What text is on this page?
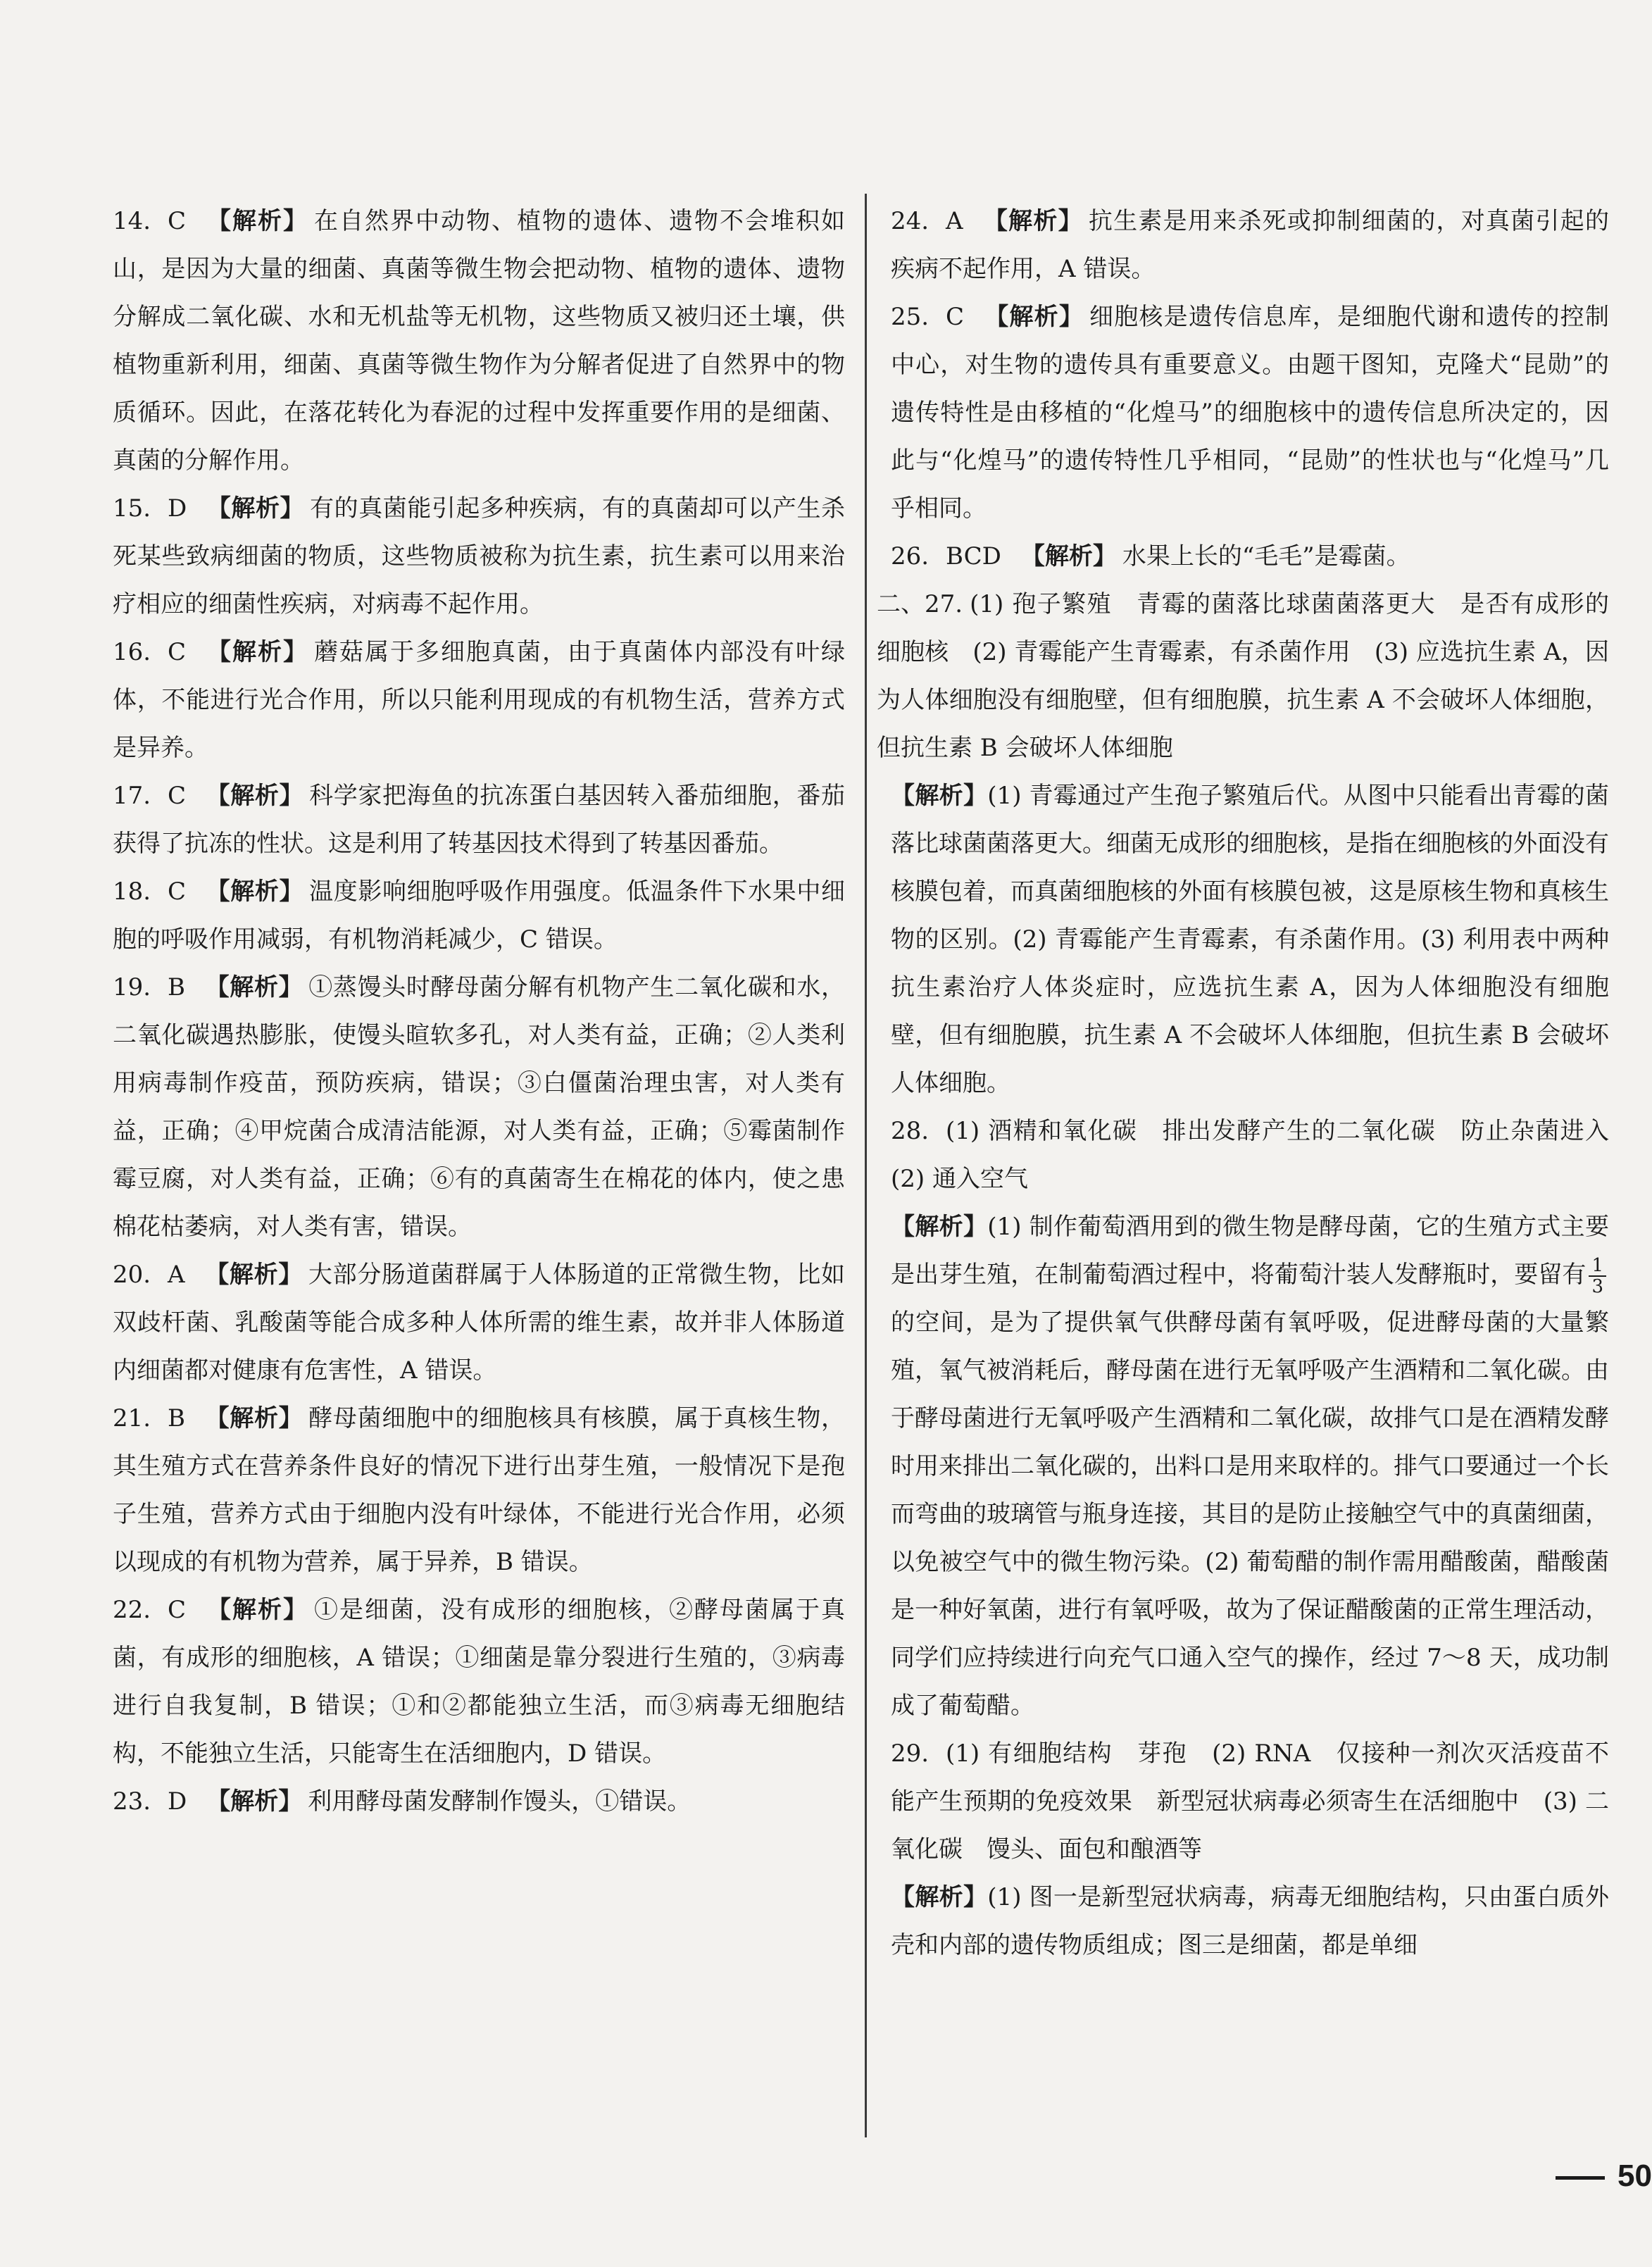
14. C 【解析】 在自然界中动物、植物的遗体、遗物不会堆积如山，是因为大量的细菌、真菌等微生物会把动物、植物的遗体、遗物分解成二氧化碳、水和无机盐等无机物，这些物质又被归还土壤，供植物重新利用，细菌、真菌等微生物作为分解者促进了自然界中的物质循环。因此，在落花转化为春泥的过程中发挥重要作用的是细菌、真菌的分解作用。

15. D 【解析】 有的真菌能引起多种疾病，有的真菌却可以产生杀死某些致病细菌的物质，这些物质被称为抗生素，抗生素可以用来治疗相应的细菌性疾病，对病毒不起作用。

16. C 【解析】 蘑菇属于多细胞真菌，由于真菌体内部没有叶绿体，不能进行光合作用，所以只能利用现成的有机物生活，营养方式是异养。

17. C 【解析】 科学家把海鱼的抗冻蛋白基因转入番茄细胞，番茄获得了抗冻的性状。这是利用了转基因技术得到了转基因番茄。

18. C 【解析】 温度影响细胞呼吸作用强度。低温条件下水果中细胞的呼吸作用减弱，有机物消耗减少，C 错误。

19. B 【解析】 ①蒸馒头时酵母菌分解有机物产生二氧化碳和水，二氧化碳遇热膨胀，使馒头暄软多孔，对人类有益，正确；②人类利用病毒制作疫苗，预防疾病，错误；③白僵菌治理虫害，对人类有益，正确；④甲烷菌合成清洁能源，对人类有益，正确；⑤霉菌制作霉豆腐，对人类有益，正确；⑥有的真菌寄生在棉花的体内，使之患棉花枯萎病，对人类有害，错误。

20. A 【解析】 大部分肠道菌群属于人体肠道的正常微生物，比如双歧杆菌、乳酸菌等能合成多种人体所需的维生素，故并非人体肠道内细菌都对健康有危害性，A 错误。

21. B 【解析】 酵母菌细胞中的细胞核具有核膜，属于真核生物，其生殖方式在营养条件良好的情况下进行出芽生殖，一般情况下是孢子生殖，营养方式由于细胞内没有叶绿体，不能进行光合作用，必须以现成的有机物为营养，属于异养，B 错误。

22. C 【解析】 ①是细菌，没有成形的细胞核，②酵母菌属于真菌，有成形的细胞核，A 错误；①细菌是靠分裂进行生殖的，③病毒进行自我复制，B 错误；①和②都能独立生活，而③病毒无细胞结构，不能独立生活，只能寄生在活细胞内，D 错误。

23. D 【解析】 利用酵母菌发酵制作馒头，①错误。

24. A 【解析】 抗生素是用来杀死或抑制细菌的，对真菌引起的疾病不起作用，A 错误。

25. C 【解析】 细胞核是遗传信息库，是细胞代谢和遗传的控制中心，对生物的遗传具有重要意义。由题干图知，克隆犬“昆勋”的遗传特性是由移植的“化煌马”的细胞核中的遗传信息所决定的，因此与“化煌马”的遗传特性几乎相同，“昆勋”的性状也与“化煌马”几乎相同。

26. BCD 【解析】 水果上长的“毛毛”是霉菌。

二、27. (1) 孢子繁殖　青霉的菌落比球菌菌落更大　是否有成形的细胞核　(2) 青霉能产生青霉素，有杀菌作用　(3) 应选抗生素 A，因为人体细胞没有细胞壁，但有细胞膜，抗生素 A 不会破坏人体细胞，但抗生素 B 会破坏人体细胞

【解析】(1) 青霉通过产生孢子繁殖后代。从图中只能看出青霉的菌落比球菌菌落更大。细菌无成形的细胞核，是指在细胞核的外面没有核膜包着，而真菌细胞核的外面有核膜包被，这是原核生物和真核生物的区别。(2) 青霉能产生青霉素，有杀菌作用。(3) 利用表中两种抗生素治疗人体炎症时，应选抗生素 A，因为人体细胞没有细胞壁，但有细胞膜，抗生素 A 不会破坏人体细胞，但抗生素 B 会破坏人体细胞。

28. (1) 酒精和氧化碳　排出发酵产生的二氧化碳　防止杂菌进入　(2) 通入空气

【解析】(1) 制作葡萄酒用到的微生物是酵母菌，它的生殖方式主要是出芽生殖，在制葡萄酒过程中，将葡萄汁装人发酵瓶时，要留有 $\frac{1}{3}$
的空间，是为了提供氧气供酵母菌有氧呼吸，促进酵母菌的大量繁殖，氧气被消耗后，酵母菌在进行无氧呼吸产生酒精和二氧化碳。由于酵母菌进行无氧呼吸产生酒精和二氧化碳，故排气口是在酒精发酵时用来排出二氧化碳的，出料口是用来取样的。排气口要通过一个长而弯曲的玻璃管与瓶身连接，其目的是防止接触空气中的真菌细菌，以免被空气中的微生物污染。(2) 葡萄醋的制作需用醋酸菌，醋酸菌是一种好氧菌，进行有氧呼吸，故为了保证醋酸菌的正常生理活动，同学们应持续进行向充气口通入空气的操作，经过 7～8 天，成功制成了葡萄醋。

29. (1) 有细胞结构　芽孢　(2) RNA　仅接种一剂次灭活疫苗不能产生预期的免疫效果　新型冠状病毒必须寄生在活细胞中　(3) 二氧化碳　馒头、面包和酿酒等

【解析】(1) 图一是新型冠状病毒，病毒无细胞结构，只由蛋白质外壳和内部的遗传物质组成；图三是细菌，都是单细

50
